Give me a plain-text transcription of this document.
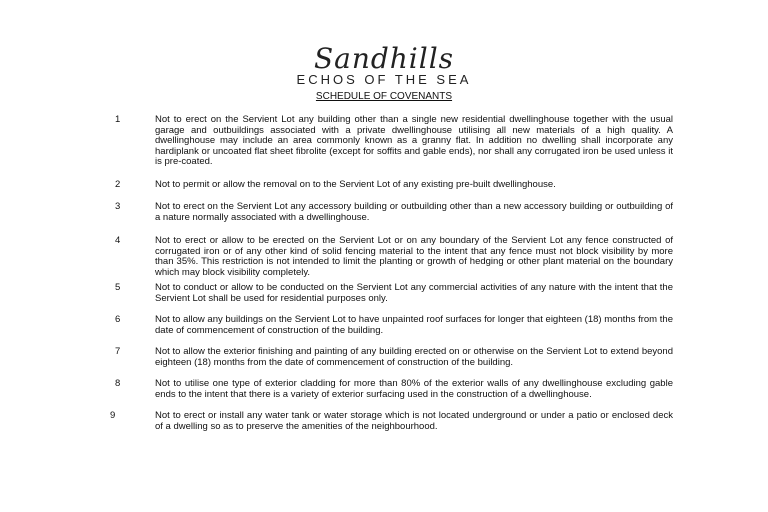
Sandhills
ECHOS OF THE SEA
SCHEDULE OF COVENANTS
1	Not to erect on the Servient Lot any building other than a single new residential dwellinghouse together with the usual garage and outbuildings associated with a private dwellinghouse utilising all new materials of a high quality. A dwellinghouse may include an area commonly known as a granny flat. In addition no dwelling shall incorporate any hardiplank or uncoated flat sheet fibrolite (except for soffits and gable ends), nor shall any corrugated iron be used unless it is pre-coated.
2	Not to permit or allow the removal on to the Servient Lot of any existing pre-built dwellinghouse.
3	Not to erect on the Servient Lot any accessory building or outbuilding other than a new accessory building or outbuilding of a nature normally associated with a dwellinghouse.
4	Not to erect or allow to be erected on the Servient Lot or on any boundary of the Servient Lot any fence constructed of corrugated iron or of any other kind of solid fencing material to the intent that any fence must not block visibility by more than 35%. This restriction is not intended to limit the planting or growth of hedging or other plant material on the boundary which may block visibility completely.
5	Not to conduct or allow to be conducted on the Servient Lot any commercial activities of any nature with the intent that the Servient Lot shall be used for residential purposes only.
6	Not to allow any buildings on the Servient Lot to have unpainted roof surfaces for longer that eighteen (18) months from the date of commencement of construction of the building.
7	Not to allow the exterior finishing and painting of any building erected on or otherwise on the Servient Lot to extend beyond eighteen (18) months from the date of commencement of construction of the building.
8	Not to utilise one type of exterior cladding for more than 80% of the exterior walls of any dwellinghouse excluding gable ends to the intent that there is a variety of exterior surfacing used in the construction of a dwellinghouse.
9	Not to erect or install any water tank or water storage which is not located underground or under a patio or enclosed deck of a dwelling so as to preserve the amenities of the neighbourhood.
